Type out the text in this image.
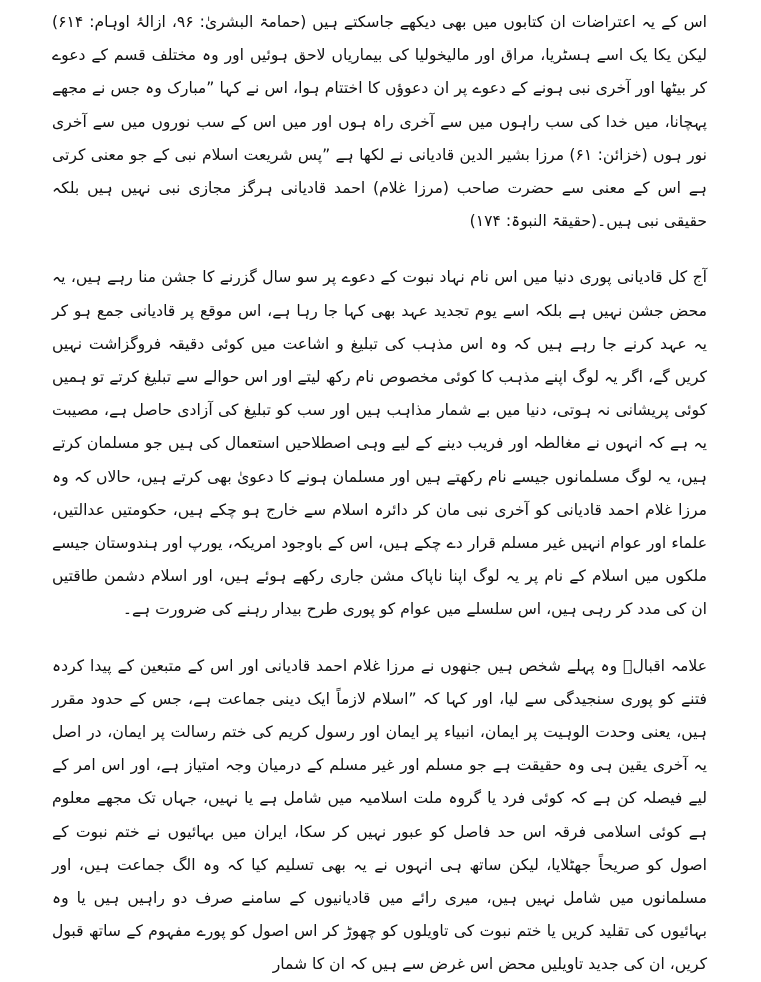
اس کے یہ اعتراضات ان کتابوں میں بھی دیکھے جاسکتے ہیں (حمامۃ البشریٰ: ۹۶، ازالۂ اوہام: ۶۱۴) لیکن یکا یک اسے ہسٹریا، مراق اور مالیخولیا کی بیماریاں لاحق ہوئیں اور وہ مختلف قسم کے دعوے کر بیٹھا اور آخری نبی ہونے کے دعوے پر ان دعوؤں کا اختتام ہوا، اس نے کہا ”مبارک وہ جس نے مجھے پہچانا، میں خدا کی سب راہوں میں سے آخری راہ ہوں اور میں اس کے سب نوروں میں سے آخری نور ہوں (خزائن: ۶۱) مرزا بشیر الدین قادیانی نے لکھا ہے ”پس شریعت اسلام نبی کے جو معنی کرتی ہے اس کے معنی سے حضرت صاحب (مرزا غلام) احمد قادیانی ہرگز مجازی نبی نہیں ہیں بلکہ حقیقی نبی ہیں۔(حقیقۃ النبوۃ: ۱۷۴)

آج کل قادیانی پوری دنیا میں اس نام نہاد نبوت کے دعوے پر سو سال گزرنے کا جشن منا رہے ہیں، یہ محض جشن نہیں ہے بلکہ اسے یوم تجدید عہد بھی کہا جا رہا ہے، اس موقع پر قادیانی جمع ہو کر یہ عہد کرنے جا رہے ہیں کہ وہ اس مذہب کی تبلیغ و اشاعت میں کوئی دقیقہ فروگزاشت نہیں کریں گے، اگر یہ لوگ اپنے مذہب کا کوئی مخصوص نام رکھ لیتے اور اس حوالے سے تبلیغ کرتے تو ہمیں کوئی پریشانی نہ ہوتی، دنیا میں بے شمار مذاہب ہیں اور سب کو تبلیغ کی آزادی حاصل ہے، مصیبت یہ ہے کہ انہوں نے مغالطہ اور فریب دینے کے لیے وہی اصطلاحیں استعمال کی ہیں جو مسلمان کرتے ہیں، یہ لوگ مسلمانوں جیسے نام رکھتے ہیں اور مسلمان ہونے کا دعویٰ بھی کرتے ہیں، حالاں کہ وہ مرزا غلام احمد قادیانی کو آخری نبی مان کر دائرہ اسلام سے خارج ہو چکے ہیں، حکومتیں عدالتیں، علماء اور عوام انہیں غیر مسلم قرار دے چکے ہیں، اس کے باوجود امریکہ، یورپ اور ہندوستان جیسے ملکوں میں اسلام کے نام پر یہ لوگ اپنا ناپاک مشن جاری رکھے ہوئے ہیں، اور اسلام دشمن طاقتیں ان کی مدد کر رہی ہیں، اس سلسلے میں عوام کو پوری طرح بیدار رہنے کی ضرورت ہے۔

علامہ اقبالؒ وہ پہلے شخص ہیں جنھوں نے مرزا غلام احمد قادیانی اور اس کے متبعین کے پیدا کردہ فتنے کو پوری سنجیدگی سے لیا، اور کہا کہ ”اسلام لازماً ایک دینی جماعت ہے، جس کے حدود مقرر ہیں، یعنی وحدت الوہیت پر ایمان، انبیاء پر ایمان اور رسول کریم کی ختم رسالت پر ایمان، در اصل یہ آخری یقین ہی وہ حقیقت ہے جو مسلم اور غیر مسلم کے درمیان وجہ امتیاز ہے، اور اس امر کے لیے فیصلہ کن ہے کہ کوئی فرد یا گروہ ملت اسلامیہ میں شامل ہے یا نہیں، جہاں تک مجھے معلوم ہے کوئی اسلامی فرقہ اس حد فاصل کو عبور نہیں کر سکا، ایران میں بہائیوں نے ختم نبوت کے اصول کو صریحاً جھٹلایا، لیکن ساتھ ہی انہوں نے یہ بھی تسلیم کیا کہ وہ الگ جماعت ہیں، اور مسلمانوں میں شامل نہیں ہیں، میری رائے میں قادیانیوں کے سامنے صرف دو راہیں ہیں یا وہ بہائیوں کی تقلید کریں یا ختم نبوت کی تاویلوں کو چھوڑ کر اس اصول کو پورے مفہوم کے ساتھ قبول کریں، ان کی جدید تاویلیں محض اس غرض سے ہیں کہ ان کا شمار
